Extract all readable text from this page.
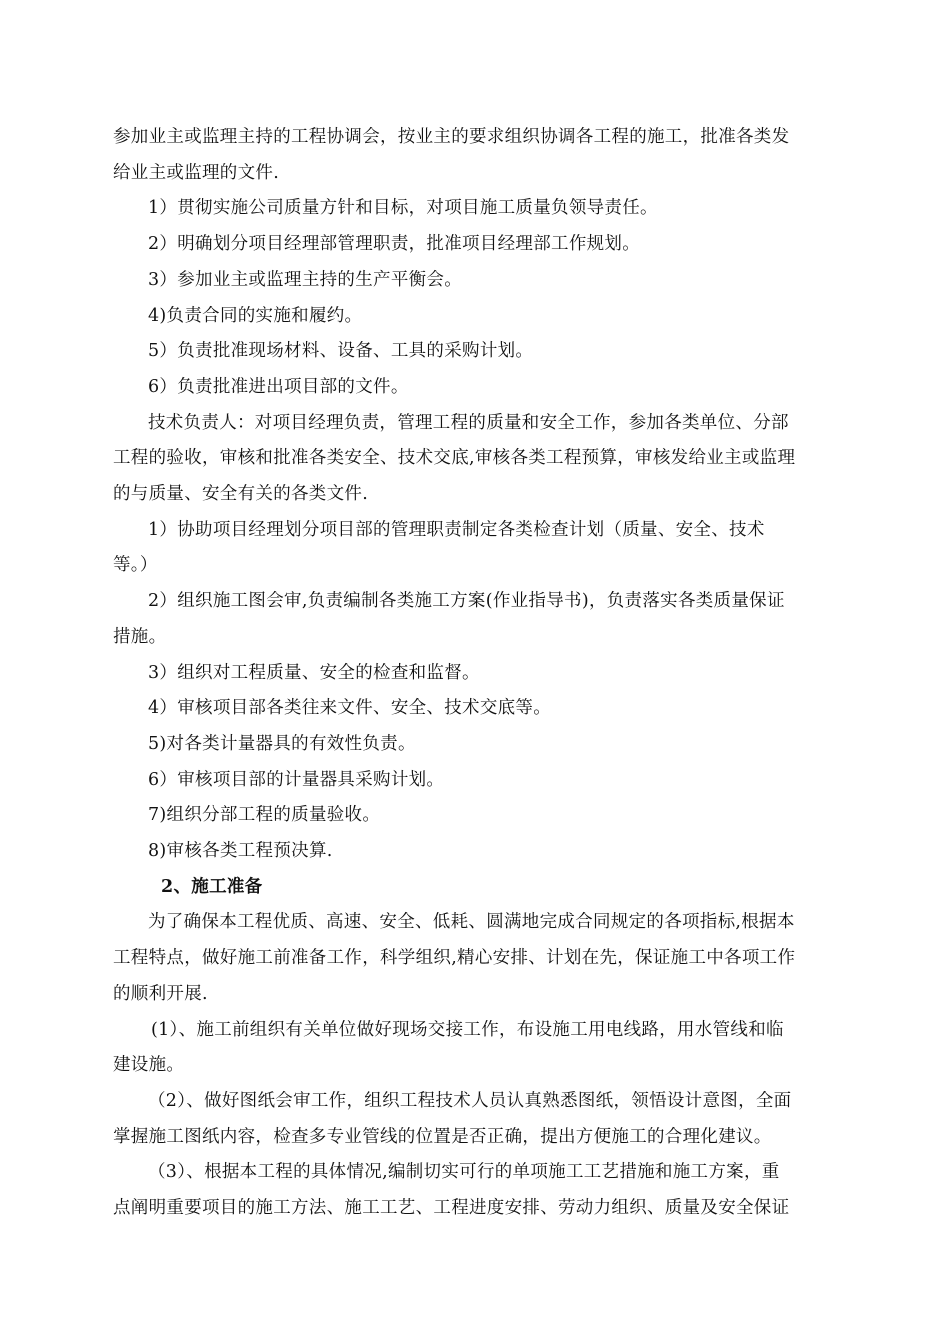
参加业主或监理主持的工程协调会，按业主的要求组织协调各工程的施工，批准各类发
给业主或监理的文件.
1）贯彻实施公司质量方针和目标，对项目施工质量负领导责任。
2）明确划分项目经理部管理职责，批准项目经理部工作规划。
3）参加业主或监理主持的生产平衡会。
4)负责合同的实施和履约。
5）负责批准现场材料、设备、工具的采购计划。
6）负责批准进出项目部的文件。
技术负责人：对项目经理负责，管理工程的质量和安全工作，参加各类单位、分部
工程的验收，审核和批准各类安全、技术交底,审核各类工程预算，审核发给业主或监理
的与质量、安全有关的各类文件.
1）协助项目经理划分项目部的管理职责制定各类检查计划（质量、安全、技术
等。）
2）组织施工图会审,负责编制各类施工方案(作业指导书)，负责落实各类质量保证
措施。
3）组织对工程质量、安全的检查和监督。
4）审核项目部各类往来文件、安全、技术交底等。
5)对各类计量器具的有效性负责。
6）审核项目部的计量器具采购计划。
7)组织分部工程的质量验收。
8)审核各类工程预决算.
2、施工准备
为了确保本工程优质、高速、安全、低耗、圆满地完成合同规定的各项指标,根据本
工程特点，做好施工前准备工作，科学组织,精心安排、计划在先，保证施工中各项工作
的顺利开展.
(1）、施工前组织有关单位做好现场交接工作，布设施工用电线路，用水管线和临
建设施。
（2）、做好图纸会审工作，组织工程技术人员认真熟悉图纸，领悟设计意图，全面
掌握施工图纸内容，检查多专业管线的位置是否正确，提出方便施工的合理化建议。
（3）、根据本工程的具体情况,编制切实可行的单项施工工艺措施和施工方案，重
点阐明重要项目的施工方法、施工工艺、工程进度安排、劳动力组织、质量及安全保证
